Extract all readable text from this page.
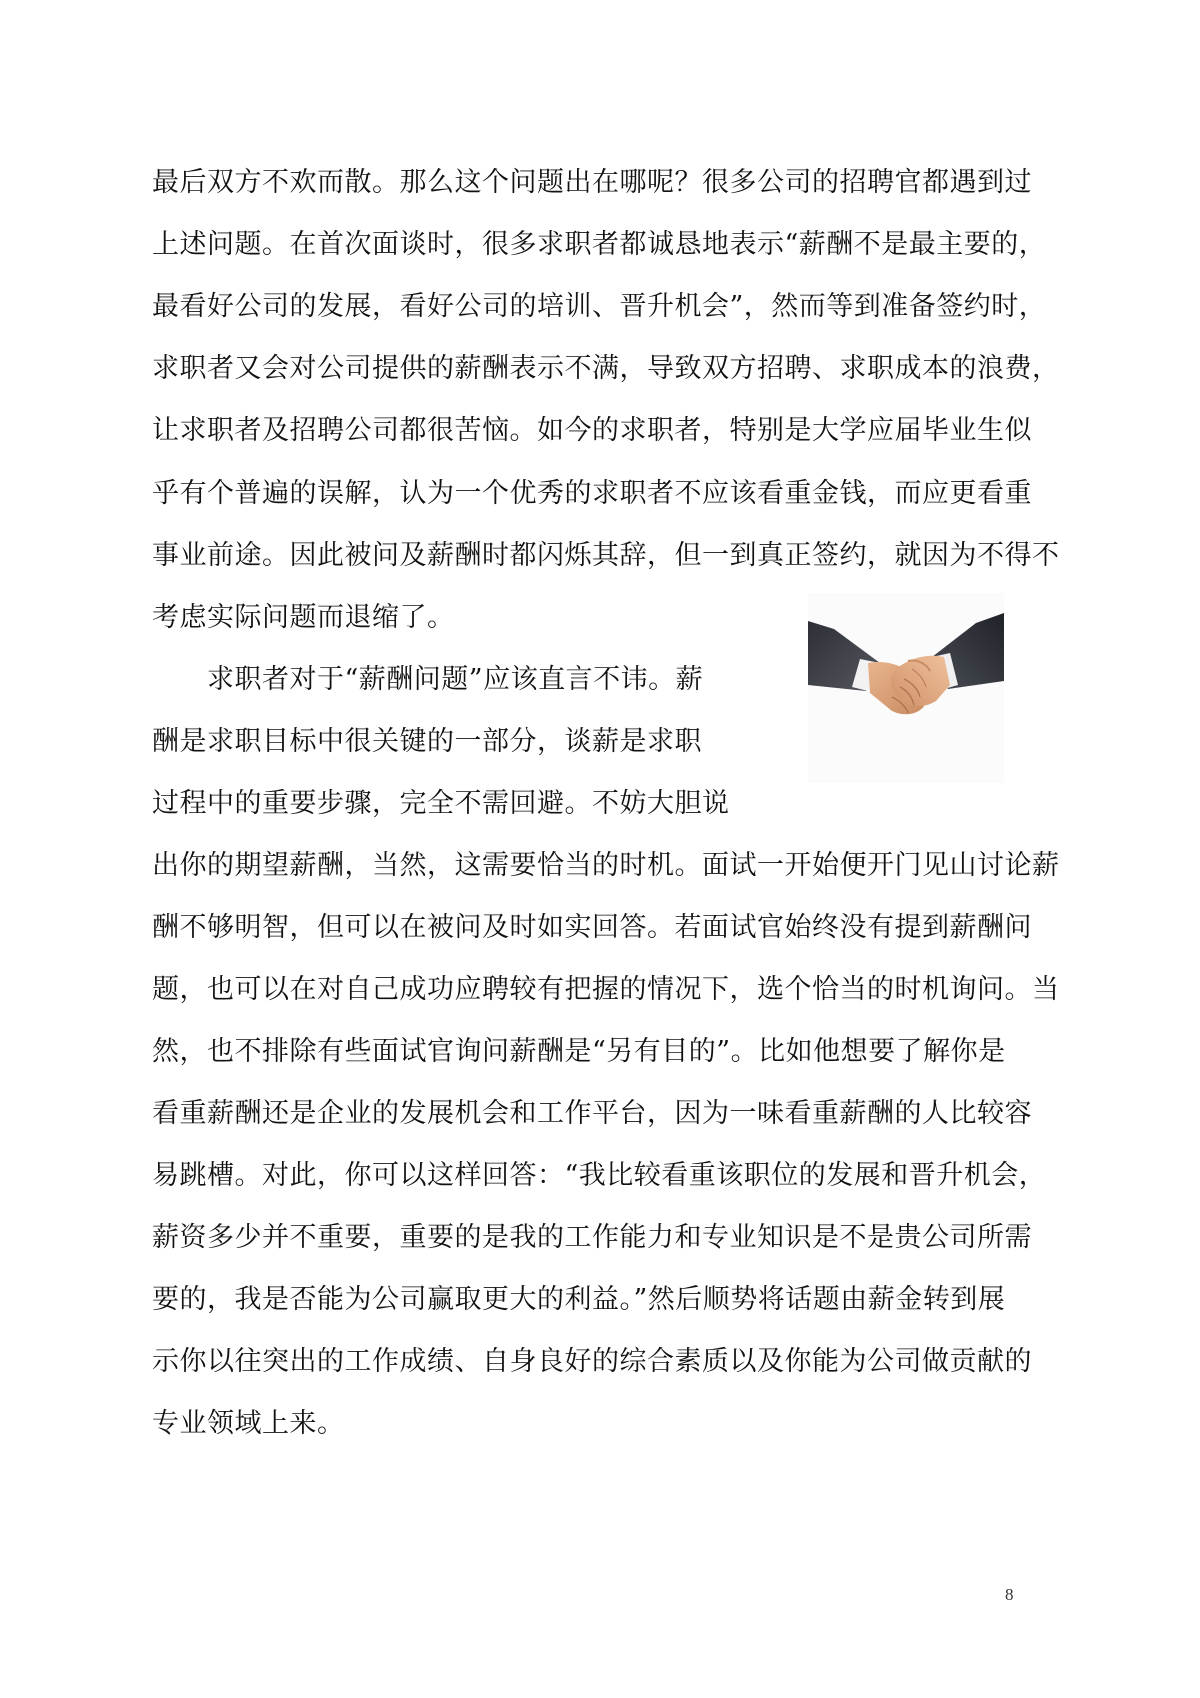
最后双方不欢而散。那么这个问题出在哪呢？很多公司的招聘官都遇到过
上述问题。在首次面谈时，很多求职者都诚恳地表示“薪酬不是最主要的，
最看好公司的发展，看好公司的培训、晋升机会”，然而等到准备签约时，
求职者又会对公司提供的薪酬表示不满，导致双方招聘、求职成本的浪费，
让求职者及招聘公司都很苦恼。如今的求职者，特别是大学应届毕业生似
乎有个普遍的误解，认为一个优秀的求职者不应该看重金钱，而应更看重
事业前途。因此被问及薪酬时都闪烁其辞，但一到真正签约，就因为不得不
考虑实际问题而退缩了。
　　求职者对于“薪酬问题”应该直言不讳。薪
酬是求职目标中很关键的一部分，谈薪是求职
过程中的重要步骤，完全不需回避。不妨大胆说
出你的期望薪酬，当然，这需要恰当的时机。面试一开始便开门见山讨论薪
酬不够明智，但可以在被问及时如实回答。若面试官始终没有提到薪酬问
题，也可以在对自己成功应聘较有把握的情况下，选个恰当的时机询问。当
然，也不排除有些面试官询问薪酬是“另有目的”。比如他想要了解你是
看重薪酬还是企业的发展机会和工作平台，因为一味看重薪酬的人比较容
易跳槽。对此，你可以这样回答：“我比较看重该职位的发展和晋升机会，
薪资多少并不重要，重要的是我的工作能力和专业知识是不是贵公司所需
要的，我是否能为公司赢取更大的利益。”然后顺势将话题由薪金转到展
示你以往突出的工作成绩、自身良好的综合素质以及你能为公司做贡献的
专业领域上来。
8
